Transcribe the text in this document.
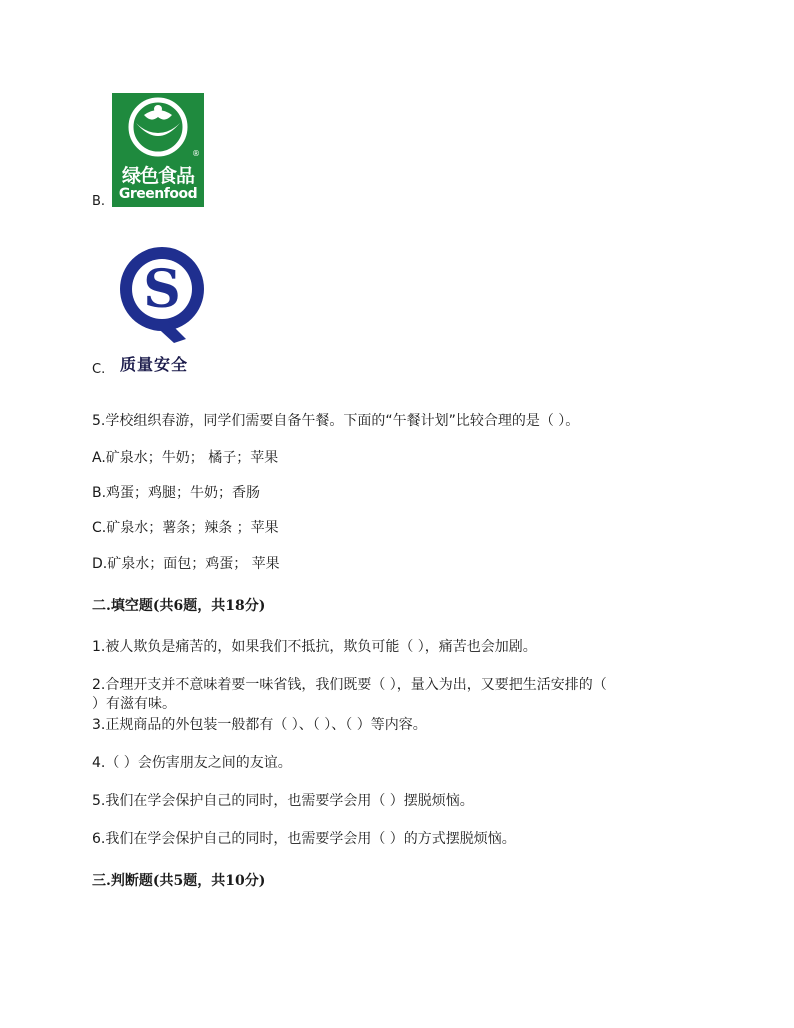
B.
®
绿色食品
Greenfood
C.
S
质量安全
5.学校组织春游，同学们需要自备午餐。下面的“午餐计划”比较合理的是（ ）。
A.矿泉水；牛奶； 橘子；苹果
B.鸡蛋；鸡腿；牛奶；香肠
C.矿泉水；薯条；辣条 ；苹果
D.矿泉水；面包；鸡蛋； 苹果
二.填空题(共6题，共18分)
1.被人欺负是痛苦的，如果我们不抵抗，欺负可能（ ），痛苦也会加剧。
2.合理开支并不意味着要一味省钱，我们既要（ ），量入为出，又要把生活安排的（
）有滋有味。
3.正规商品的外包装一般都有（ ）、（ ）、（ ）等内容。
4.（ ）会伤害朋友之间的友谊。
5.我们在学会保护自己的同时，也需要学会用（ ）摆脱烦恼。
6.我们在学会保护自己的同时，也需要学会用（ ）的方式摆脱烦恼。
三.判断题(共5题，共10分)
